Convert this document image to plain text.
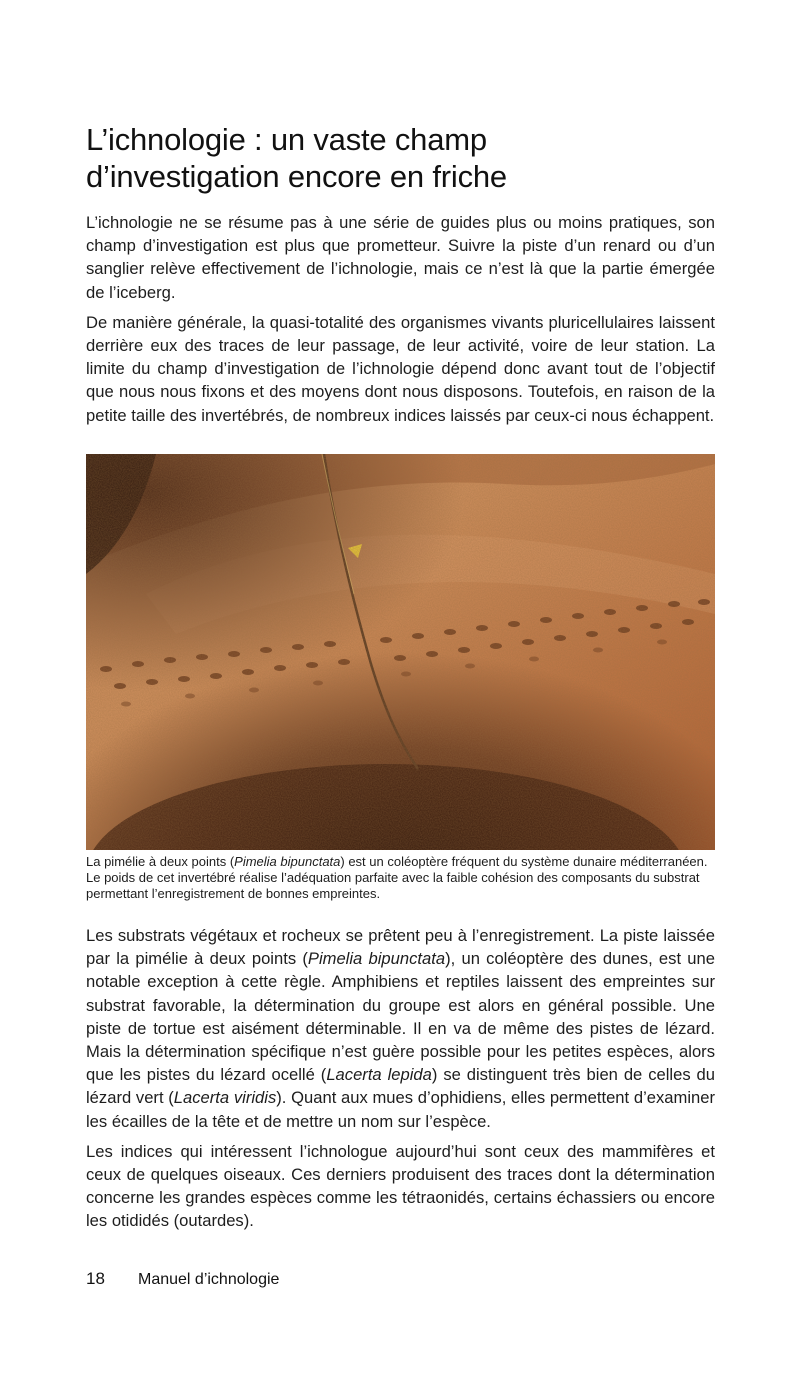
L’ichnologie : un vaste champ
d’investigation encore en friche

L’ichnologie ne se résume pas à une série de guides plus ou moins pratiques, son champ d’investigation est plus que prometteur. Suivre la piste d’un renard ou d’un sanglier relève effectivement de l’ichnologie, mais ce n’est là que la partie émergée de l’iceberg.

De manière générale, la quasi-totalité des organismes vivants pluricellulaires laissent derrière eux des traces de leur passage, de leur activité, voire de leur station. La limite du champ d’investigation de l’ichnologie dépend donc avant tout de l’objectif que nous nous fixons et des moyens dont nous disposons. Toutefois, en raison de la petite taille des invertébrés, de nombreux indices laissés par ceux-ci nous échappent.

La pimélie à deux points (Pimelia bipunctata) est un coléoptère fréquent du système dunaire méditerranéen. Le poids de cet invertébré réalise l’adéquation parfaite avec la faible cohésion des composants du substrat permettant l’enregistrement de bonnes empreintes.

Les substrats végétaux et rocheux se prêtent peu à l’enregistrement. La piste laissée par la pimélie à deux points (Pimelia bipunctata), un coléoptère des dunes, est une notable exception à cette règle. Amphibiens et reptiles laissent des empreintes sur substrat favorable, la détermination du groupe est alors en général possible. Une piste de tortue est aisément déterminable. Il en va de même des pistes de lézard. Mais la détermination spécifique n’est guère possible pour les petites espèces, alors que les pistes du lézard ocellé (Lacerta lepida) se distinguent très bien de celles du lézard vert (Lacerta viridis). Quant aux mues d’ophidiens, elles permettent d’examiner les écailles de la tête et de mettre un nom sur l’espèce.

Les indices qui intéressent l’ichnologue aujourd’hui sont ceux des mammifères et ceux de quelques oiseaux. Ces derniers produisent des traces dont la détermination concerne les grandes espèces comme les tétraonidés, certains échassiers ou encore les otididés (outardes).

18 Manuel d’ichnologie
